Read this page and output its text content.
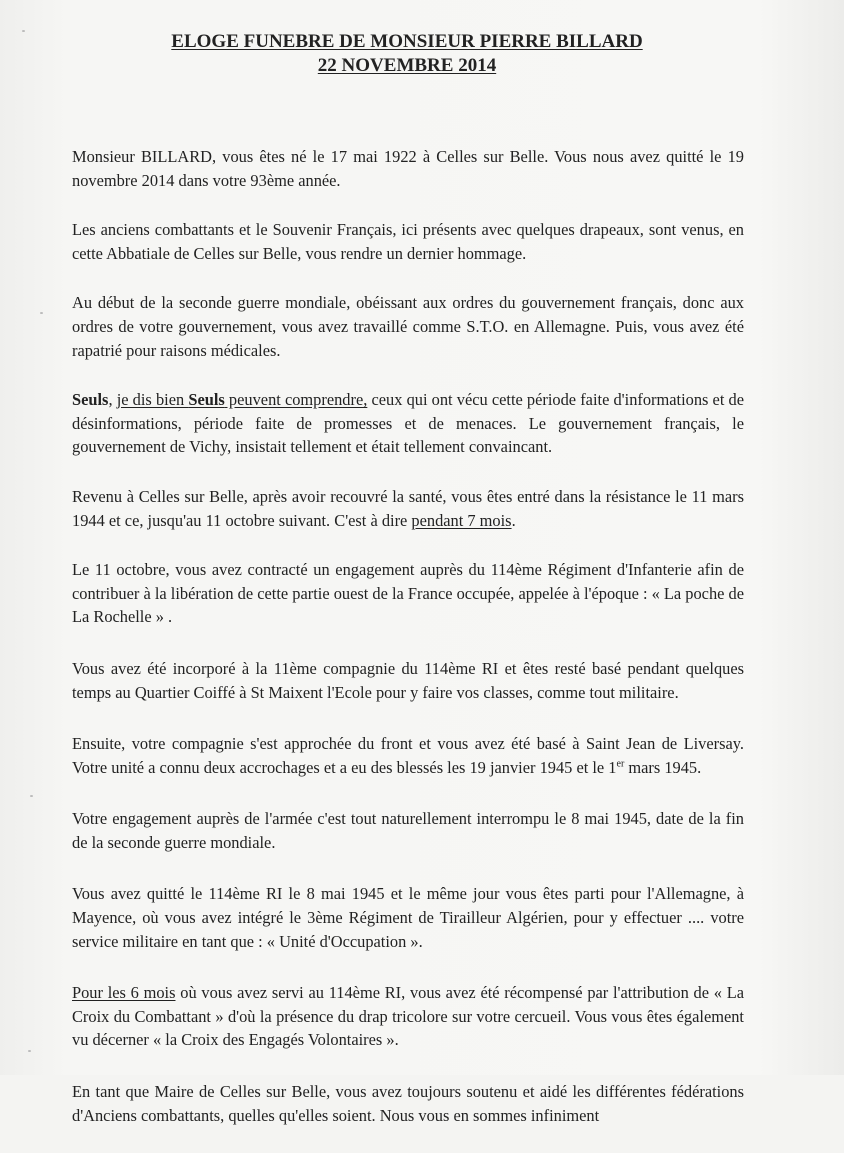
ELOGE FUNEBRE DE MONSIEUR PIERRE BILLARD
22 NOVEMBRE 2014

Monsieur BILLARD, vous êtes né le 17 mai 1922 à Celles sur Belle. Vous nous avez quitté le 19 novembre 2014 dans votre 93ème année.

Les anciens combattants et le Souvenir Français, ici présents avec quelques drapeaux, sont venus, en cette Abbatiale de Celles sur Belle, vous rendre un dernier hommage.

Au début de la seconde guerre mondiale, obéissant aux ordres du gouvernement français, donc aux ordres de votre gouvernement, vous avez travaillé comme S.T.O. en Allemagne. Puis, vous avez été rapatrié pour raisons médicales.

Seuls, je dis bien Seuls peuvent comprendre, ceux qui ont vécu cette période faite d'informations et de désinformations, période faite de promesses et de menaces. Le gouvernement français, le gouvernement de Vichy, insistait tellement et était tellement convaincant.

Revenu à Celles sur Belle, après avoir recouvré la santé, vous êtes entré dans la résistance le 11 mars 1944 et ce, jusqu'au 11 octobre suivant. C'est à dire pendant 7 mois.

Le 11 octobre, vous avez contracté un engagement auprès du 114ème Régiment d'Infanterie afin de contribuer à la libération de cette partie ouest de la France occupée, appelée à l'époque : « La poche de La Rochelle » .

Vous avez été incorporé à la 11ème compagnie du 114ème RI et êtes resté basé pendant quelques temps au Quartier Coiffé à St Maixent l'Ecole pour y faire vos classes, comme tout militaire.

Ensuite, votre compagnie s'est approchée du front et vous avez été basé à Saint Jean de Liversay. Votre unité a connu deux accrochages et a eu des blessés les 19 janvier 1945 et le 1er mars 1945.

Votre engagement auprès de l'armée c'est tout naturellement interrompu le 8 mai 1945, date de la fin de la seconde guerre mondiale.

Vous avez quitté le 114ème RI le 8 mai 1945 et le même jour vous êtes parti pour l'Allemagne, à Mayence, où vous avez intégré le 3ème Régiment de Tirailleur Algérien, pour y effectuer .... votre service militaire en tant que : « Unité d'Occupation ».

Pour les 6 mois où vous avez servi au 114ème RI, vous avez été récompensé par l'attribution de « La Croix du Combattant » d'où la présence du drap tricolore sur votre cercueil. Vous vous êtes également vu décerner « la Croix des Engagés Volontaires ».

En tant que Maire de Celles sur Belle, vous avez toujours soutenu et aidé les différentes fédérations d'Anciens combattants, quelles qu'elles soient. Nous vous en sommes infiniment
